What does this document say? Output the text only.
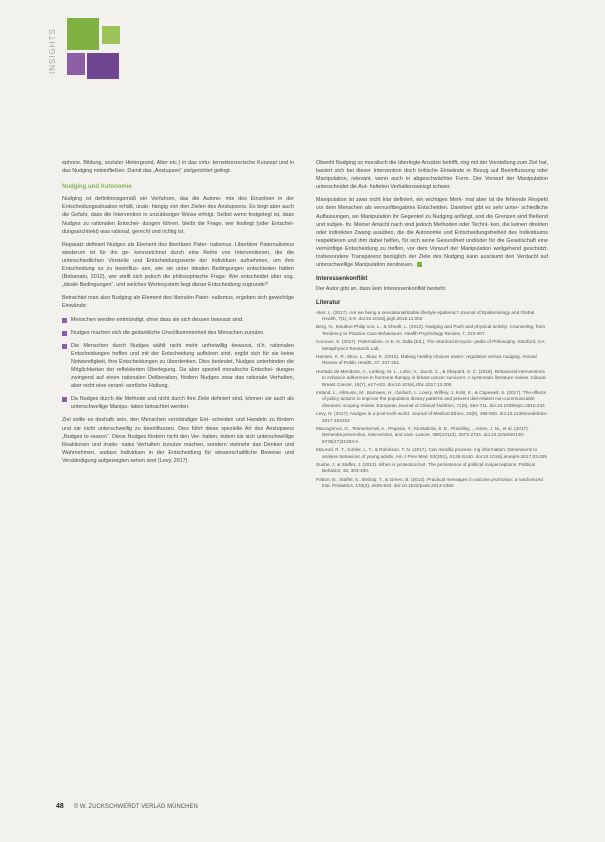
INSIGHTS

ephone, Bildung, sozialer Hintergrund, Alter etc.) in das virtu- ternetkonzerische Konzept und in das Nudging miteinfließen. Damit das „Anstupsen“ zielgerichtet gelingt.

Nudging und Autonomie

Nudging ist definitionsgemäß ein Verfahren, das die Autono- mie des Einzelnen in der Entscheidungssituation erhält, unab- hängig von den Zielen des Anstupsens. Es birgt aber auch die Gefahr, dass die Intervention in unzulässiger Weise erfolgt. Selbst wenn festgelegt ist, dass Nudges zu rationalen Entschei- dungen führen, bleibt die Frage, wer festlegt (oder Entschei- dungsarchitekt) was rational, gerecht und richtig ist.

Reparatz definiert Nudges als Element des libertären Pater- nalismus. Libertärer Paternalismus wiederum ist für ihn ge- kennzeichnet durch eine Reihe von Interventionen, die die unterschiedlichen Vorstelle und Entscheidungswerte der Individuen aufnehmen, um ihre Entscheidung so zu beeinflus- sen, wie sie unter idealen Bedingungen entschieden hätten (Bebanato, 2012), wer stellt sich jedoch die philosophische Frage: Wer entscheidet über sog. „ideale Bedingungen“, und welches Wertesystem liegt dieser Entscheidung zugrunde?

Betrachtet man also Nudging als Element des liberalen Pater- nalismus, ergeben sich gewichtige Einwände:

Menschen werden entmündigt, ohne dass sie sich dessen bewusst sind.
Nudges machen sich die gedankliche Unvollkommenheit des Menschen zunutze.
Die Menschen durch Nudges wählt nicht mehr unfreiwillig bewusst, d.h. rationalen Entscheidungen treffen und mit der Entscheidung aufhören sind, ergibt sich für sie keine Notwendigkeit, ihre Entscheidungen zu überdenken. Dies bedeutet, Nudges unterbinden die Möglichkeiten der reflektierten Überlegung. Da aber speziell moralische Entschei- dungen zwingend auf einen rationalen Deliberation, fördern Nudges zwar das rationale Verhalten, aber nicht eine verant- wortliche Haltung.
Da Nudges durch die Methode und nicht durch ihre Ziele definiert sind, können sie auch als unterschwellige Manipu- lation betrachtet werden.

Ziel sollte es deshalb sein, den Menschen verständiger Ent- scheiden und Handeln zu fördern und sie nicht unterschwellig zu beeinflussen. Dies führt diese spezielle Art des Anstupsens „Nudges to reason“. Diese Nudges fördern nicht den Ver- halten, indem sie sich unterschwellige Reaktionen und irratio- nales Verhalten zunutze machen, sondern vielmehr das Denken und Wahrnehmen, sodass Individuen in der Entscheidung für wissenschaftliche Beweise und Verständigung aufgezeigten sehen sind (Levy, 2017).

Obwohl Nudging so moralisch die überlegte Ansätze betrifft, ring mit der Vorstellung zum Ziel hat, basiert sich bei dieser Intervention doch kritische Einwände in Bezug auf Beeinflussung oder Manipulation, relevant, wenn auch in abgeschwächter Form. Der Vorwurf der Manipulation unterscheidet die Aut- halteten Verhaltensweisgt schwer.

Manipulation ist zwar nicht klar definiert, ein wichtiges Merk- mal aber ist die fehlende Respekt vor dem Menschen als vernunftbegabtes Entscheiden. Daneben gibt es sehr unter- schiedliche Auffassungen, wo Manipulation ihr Gegenteil zu Nudging anfängt, und die Grenzen sind fließend und subjek- tiv. Meiner Ansicht nach sind jedoch Methoden oder Techni- ken, die keinen direkten oder indirekten Zwang ausüben, die die Autonomie und Entscheidungsfreiheit des Individuums respektieren und ihm dabei helfen, für sich seine Gesundheit und/oder für die Gesellschaft eine vernünftige Entscheidung zu treffen, vor dem Vorwurf der Manipulation weitgehend geschützt. Insbesondere Transparenz bezüglich der Ziele des Nudging kann ausräumt den Verdacht auf unterschwellige Manipulation zerstreuen.

Interessenkonflikt

Der Autor gibt an, dass kein Interessenkonflikt besteht.

Literatur
Aker, L. (2017). Are we being a sensational/stable lifestyle epidemic? Journal of Epidemiology and Global Health, 7(1), 5-9. doi:10.1016/j.jegh.2016.11.002
Berg, N., Moulton-Philip son, L., & Sheaft, L. (2013). Nudging and Push and physical activity: Counseling, from Tendency to Practice Care Behaviours. Health Psychology Review, 7, 223-307.
Conover, S. (2017). Paternalism. In E. N. Zalta (Ed.), The Stanford Encyclo- pedia of Philosophy. Stanford, CA: Metaphysics Research Lab.
Hansen, K. P., Skov, L., Skov, K. (2016). Making healthy choices easier: regulation versus nudging. Annual Review of Public Health, 37, 237-251.
Hurtado de Mendoza, A., Lerking, M. L., Lebo, V., Jacoh, C., & Shepard, S. C. (2018). Behavioral interventions to enhance adherence in hormone therapy in breast cancer survivors: A systematic literature review. Clinical Breast Cancer, 18(7), e17-e22. doi:10.1016/j.clbc.2017.12.006
Ireland, L., Allmusis, M., Barnwes, H., Gerlach, L. Lowry, Wilfrey, J. Kohl, K., & Capewell, S. (2017). The effects of policy actions to improve the population dietary patterns and prevent diet-related non-communicable diseases: scoping review. European Journal of Clinical Nutrition, 71(6), 694-711. doi:10.1038/ejcn.2016.234
Levy, N. (2017). Nudges in a post-truth world. Journal of Medical Ethics, 43(8), 495-500. doi:10.1136/medethics-2017-104153
Marcagrinos, G., Tesmertemal, A., Pegasia, Y., Kinstatinia, S. E., Priscilley, ., Ames, J. M., et al. (2017). Dementia prevention, intervention, and care. Lancet, 390(10113), 2673-2734. doi:10.1016/S0140-6736(17)31363-6
McLeod, R. T., Kohler, L. T., & Robinson, T. N. (2017). Can mindful process- ing information: Dimensions to analyse behaviour of young adults. Am J Prev Med, 53(3S1), S135-S140. doi:10.1016/j.amepre.2017.03.025
Sunhe, J. & Staffer, J. (2013). When is protection/not. The persistence of political misperceptions. Political Behavior, 32, 303-330.
Patton, B., Staffel, S., Bishop, T., & Green, B. (2014). Practical messages in vaccine promotion: a randomized trial. Pediatrics, 133(4), e835-842. doi:10.1542/peds.2013-2365
48 © W. ZUCKSCHWERDT VERLAG MÜNCHEN
